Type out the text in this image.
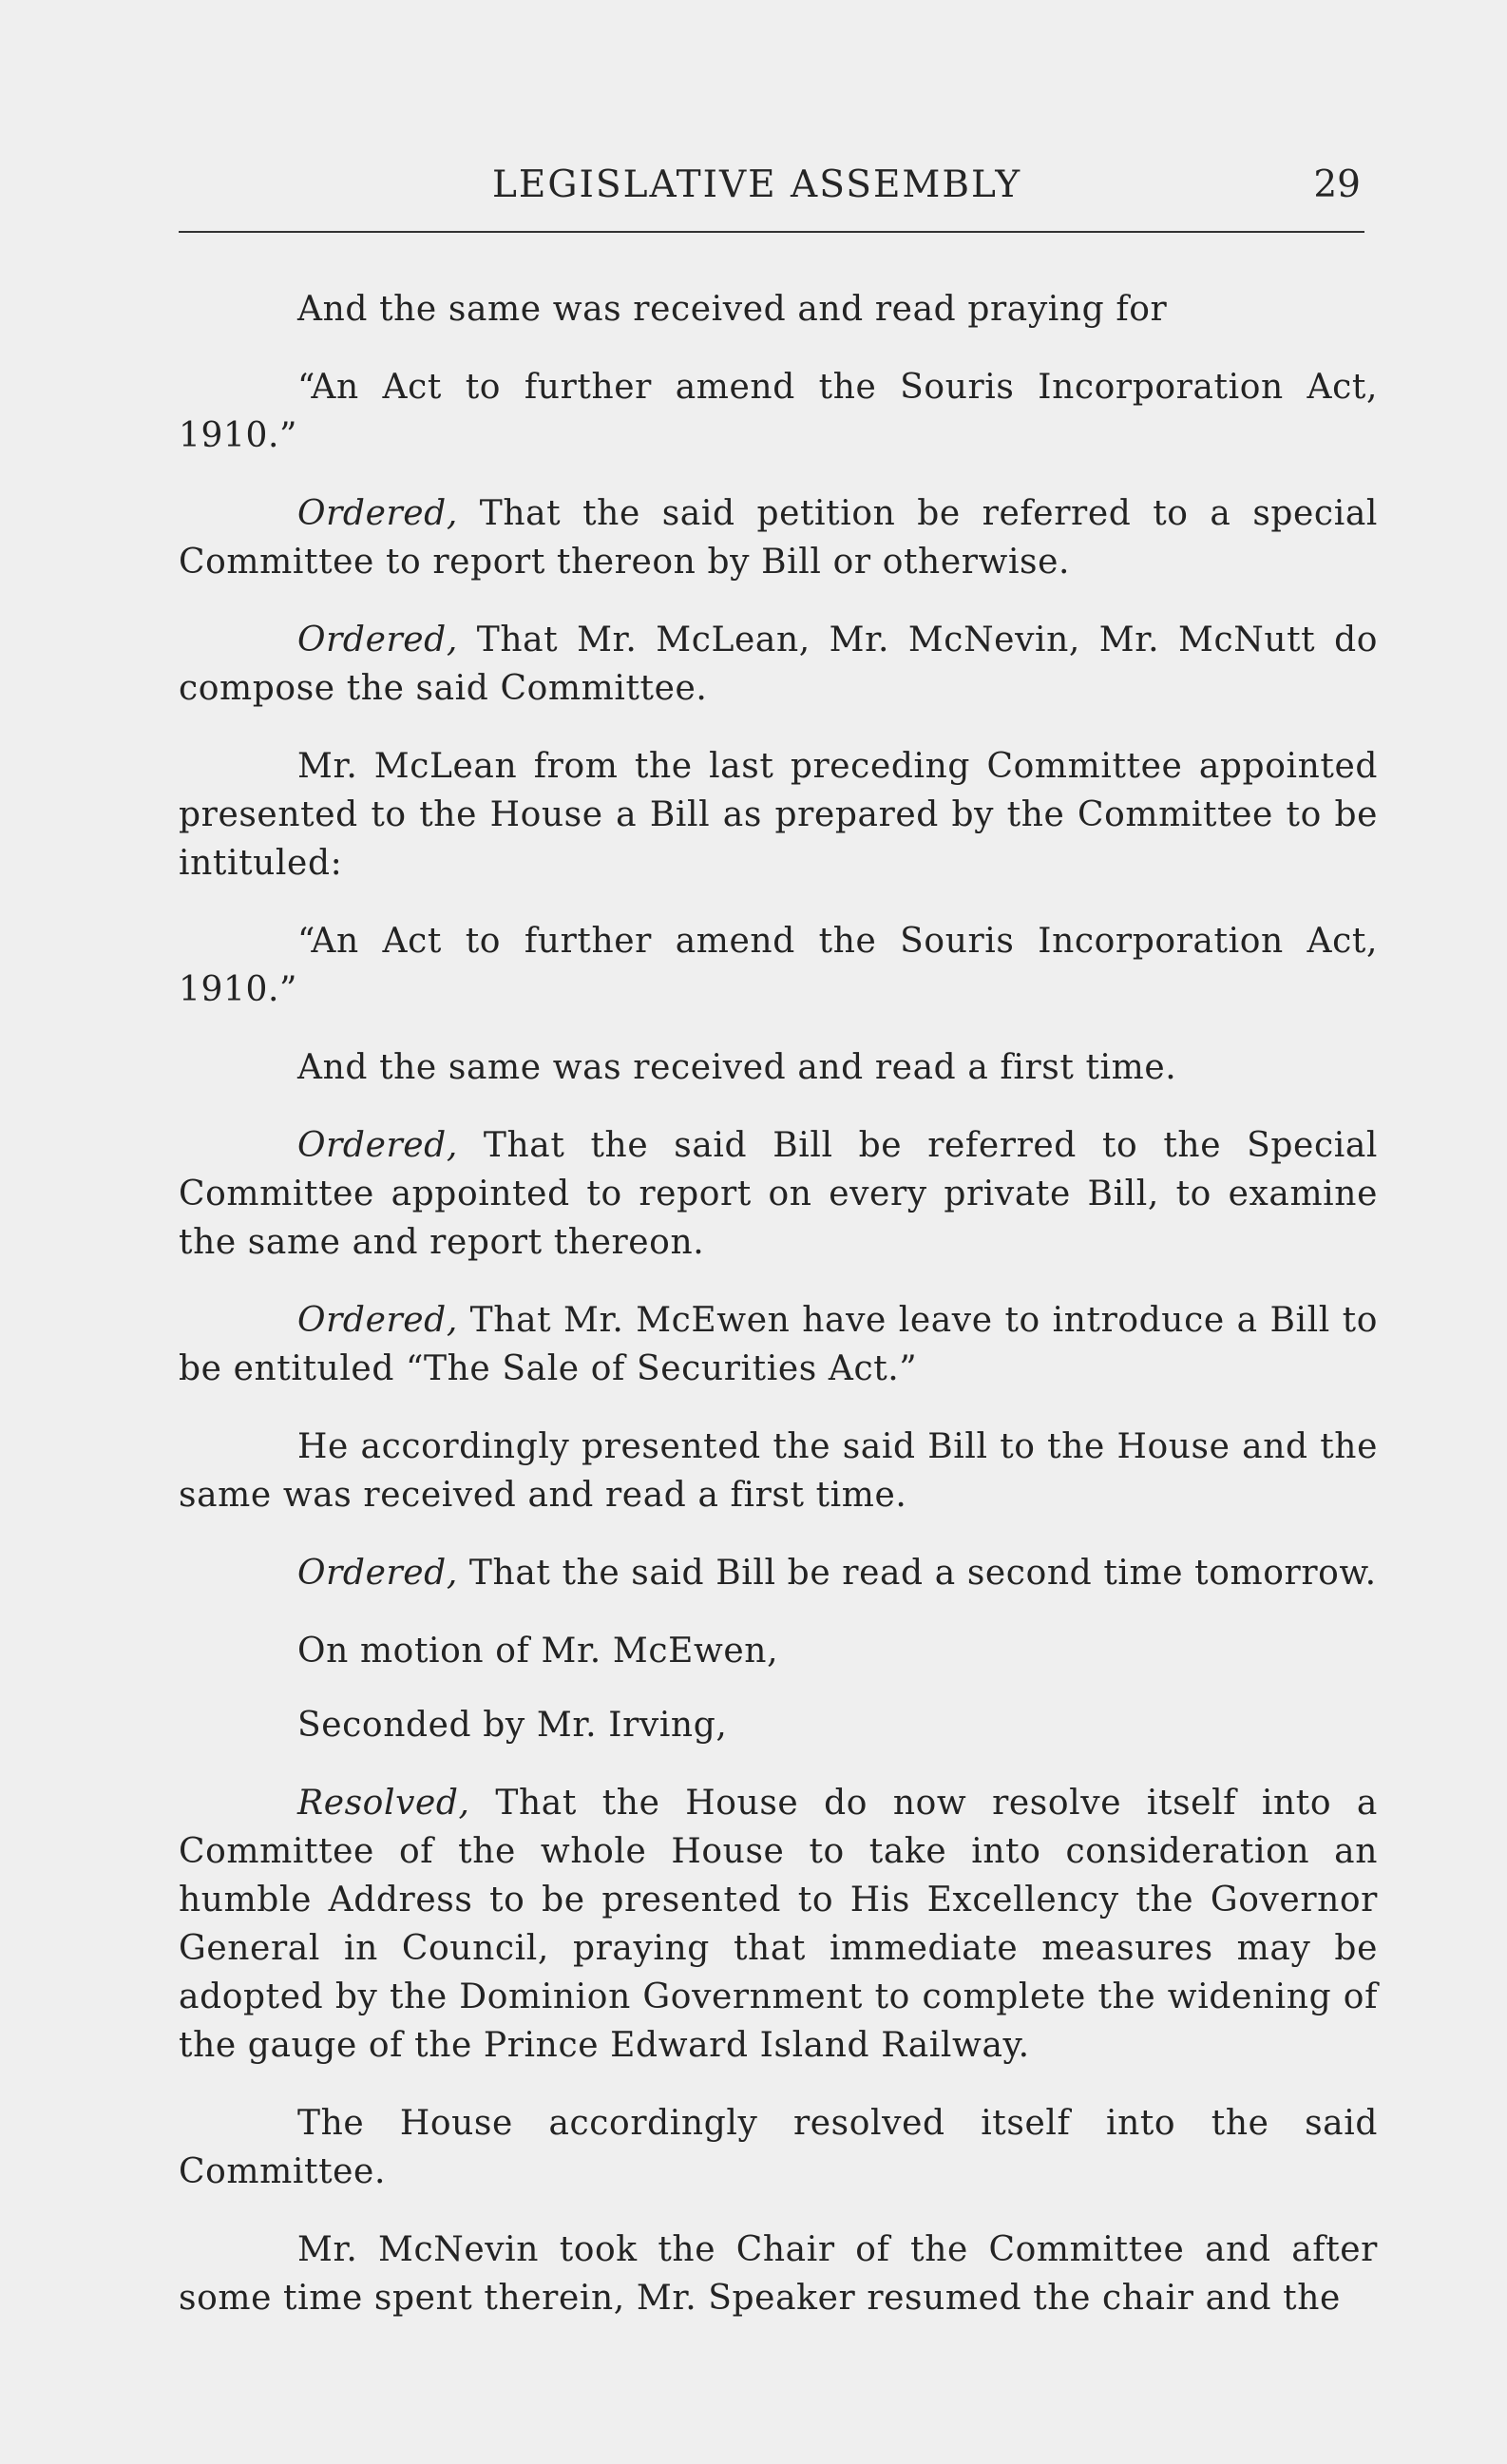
LEGISLATIVE ASSEMBLY	29

And the same was received and read praying for

“An Act to further amend the Souris Incorporation Act, 1910.”

Ordered, That the said petition be referred to a special Committee to report thereon by Bill or otherwise.

Ordered, That Mr. McLean, Mr. McNevin, Mr. McNutt do compose the said Committee.

Mr. McLean from the last preceding Committee appointed presented to the House a Bill as prepared by the Committee to be intituled:

“An Act to further amend the Souris Incorporation Act, 1910.”

And the same was received and read a first time.

Ordered, That the said Bill be referred to the Special Committee appointed to report on every private Bill, to examine the same and report thereon.

Ordered, That Mr. McEwen have leave to introduce a Bill to be entituled “The Sale of Securities Act.”

He accordingly presented the said Bill to the House and the same was received and read a first time.

Ordered, That the said Bill be read a second time tomorrow.

On motion of Mr. McEwen,

Seconded by Mr. Irving,

Resolved, That the House do now resolve itself into a Committee of the whole House to take into consideration an humble Address to be presented to His Excellency the Governor General in Council, praying that immediate measures may be adopted by the Dominion Government to complete the widening of the gauge of the Prince Edward Island Railway.

The House accordingly resolved itself into the said Committee.

Mr. McNevin took the Chair of the Committee and after some time spent therein, Mr. Speaker resumed the chair and the
